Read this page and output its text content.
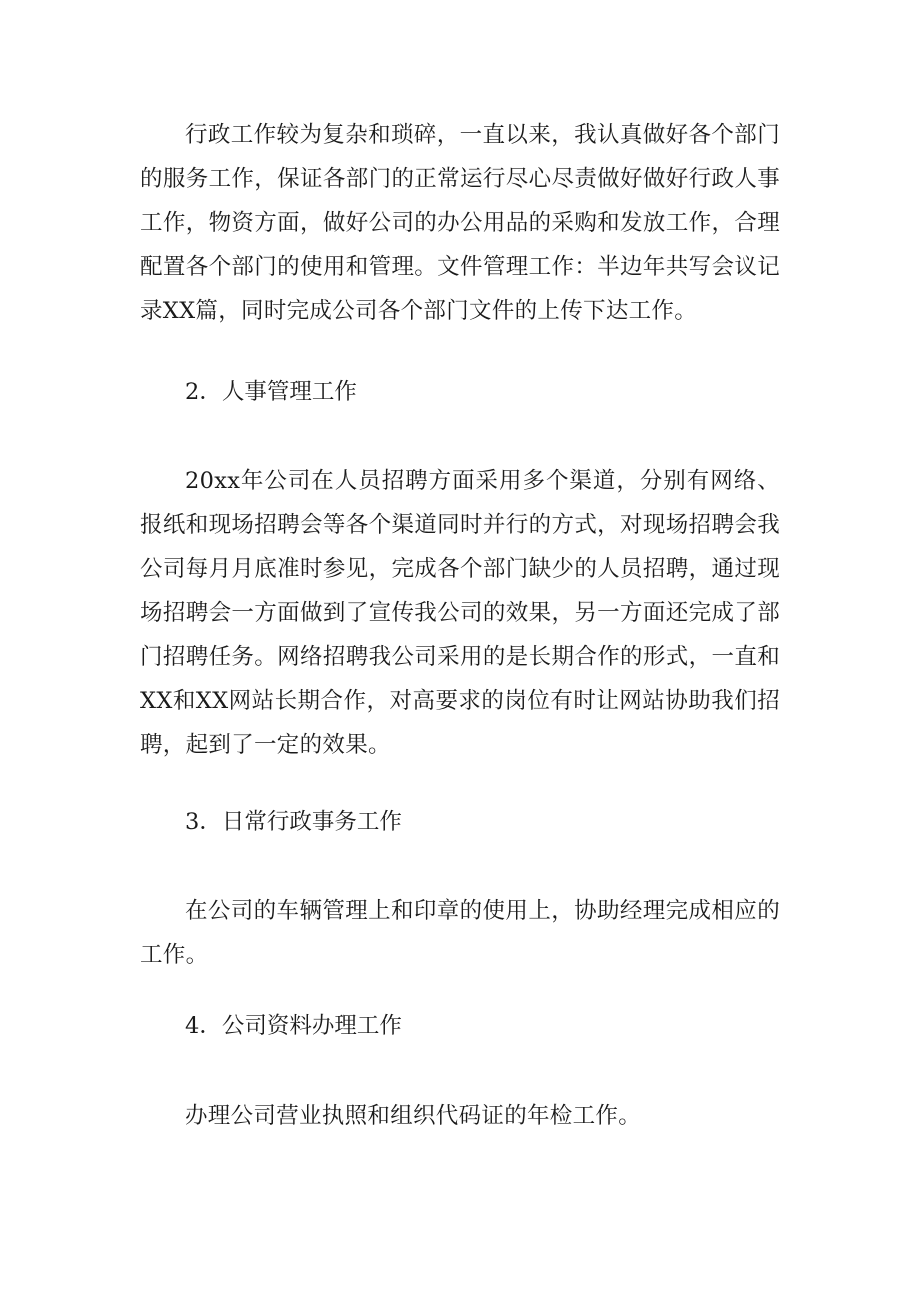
行政工作较为复杂和琐碎，一直以来，我认真做好各个部门的服务工作，保证各部门的正常运行尽心尽责做好做好行政人事工作，物资方面，做好公司的办公用品的采购和发放工作，合理配置各个部门的使用和管理。文件管理工作：半边年共写会议记录XX篇，同时完成公司各个部门文件的上传下达工作。

2．人事管理工作

20xx年公司在人员招聘方面采用多个渠道，分别有网络、报纸和现场招聘会等各个渠道同时并行的方式，对现场招聘会我公司每月月底准时参见，完成各个部门缺少的人员招聘，通过现场招聘会一方面做到了宣传我公司的效果，另一方面还完成了部门招聘任务。网络招聘我公司采用的是长期合作的形式，一直和XX和XX网站长期合作，对高要求的岗位有时让网站协助我们招聘，起到了一定的效果。

3．日常行政事务工作

在公司的车辆管理上和印章的使用上，协助经理完成相应的工作。

4．公司资料办理工作

办理公司营业执照和组织代码证的年检工作。
